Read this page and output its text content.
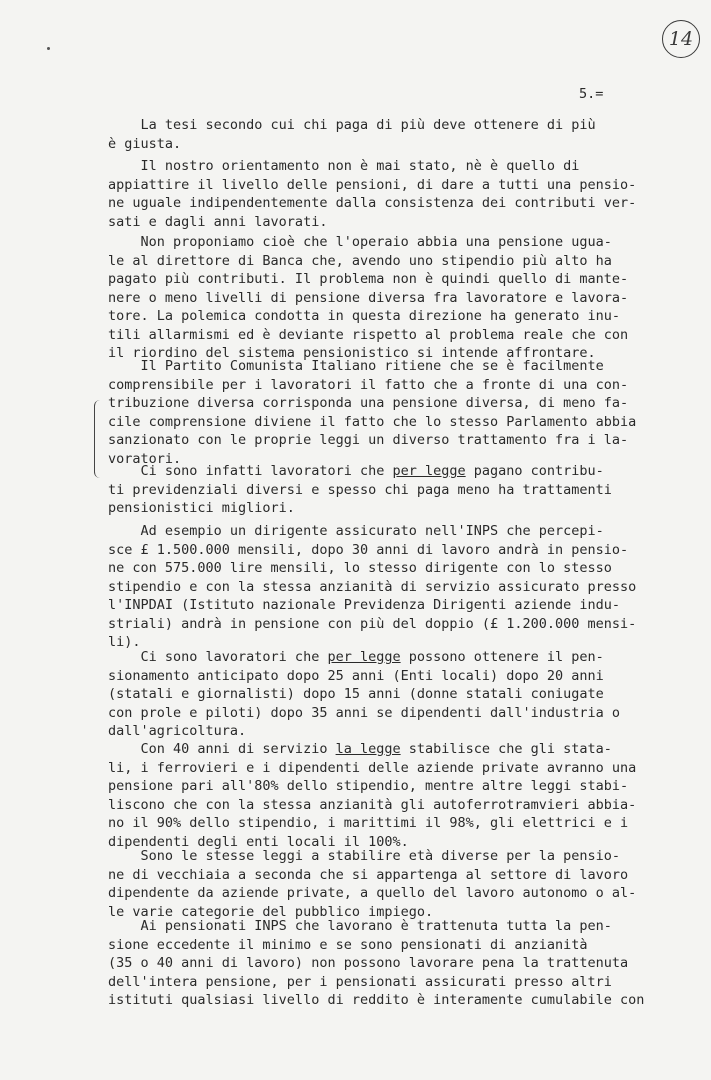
14
5.=

La tesi secondo cui chi paga di più deve ottenere di più
è giusta.

Il nostro orientamento non è mai stato, nè è quello di
appiattire il livello delle pensioni, di dare a tutti una pensio-
ne uguale indipendentemente dalla consistenza dei contributi ver-
sati e dagli anni lavorati.

Non proponiamo cioè che l'operaio abbia una pensione ugua-
le al direttore di Banca che, avendo uno stipendio più alto ha
pagato più contributi. Il problema non è quindi quello di mante-
nere o meno livelli di pensione diversa fra lavoratore e lavora-
tore. La polemica condotta in questa direzione ha generato inu-
tili allarmismi ed è deviante rispetto al problema reale che con
il riordino del sistema pensionistico si intende affrontare.

Il Partito Comunista Italiano ritiene che se è facilmente
comprensibile per i lavoratori il fatto che a fronte di una con-
tribuzione diversa corrisponda una pensione diversa, di meno fa-
cile comprensione diviene il fatto che lo stesso Parlamento abbia
sanzionato con le proprie leggi un diverso trattamento fra i la-
voratori.

Ci sono infatti lavoratori che per legge pagano contribu-
ti previdenziali diversi e spesso chi paga meno ha trattamenti
pensionistici migliori.

Ad esempio un dirigente assicurato nell'INPS che percepi-
sce £ 1.500.000 mensili, dopo 30 anni di lavoro andrà in pensio-
ne con 575.000 lire mensili, lo stesso dirigente con lo stesso
stipendio e con la stessa anzianità di servizio assicurato presso
l'INPDAI (Istituto nazionale Previdenza Dirigenti aziende indu-
striali) andrà in pensione con più del doppio (£ 1.200.000 mensi-
li).

Ci sono lavoratori che per legge possono ottenere il pen-
sionamento anticipato dopo 25 anni (Enti locali) dopo 20 anni
(statali e giornalisti) dopo 15 anni (donne statali coniugate
con prole e piloti) dopo 35 anni se dipendenti dall'industria o
dall'agricoltura.

Con 40 anni di servizio la legge stabilisce che gli stata-
li, i ferrovieri e i dipendenti delle aziende private avranno una
pensione pari all'80% dello stipendio, mentre altre leggi stabi-
liscono che con la stessa anzianità gli autoferrotramvieri abbia-
no il 90% dello stipendio, i marittimi il 98%, gli elettrici e i
dipendenti degli enti locali il 100%.

Sono le stesse leggi a stabilire età diverse per la pensio-
ne di vecchiaia a seconda che si appartenga al settore di lavoro
dipendente da aziende private, a quello del lavoro autonomo o al-
le varie categorie del pubblico impiego.

Ai pensionati INPS che lavorano è trattenuta tutta la pen-
sione eccedente il minimo e se sono pensionati di anzianità
(35 o 40 anni di lavoro) non possono lavorare pena la trattenuta
dell'intera pensione, per i pensionati assicurati presso altri
istituti qualsiasi livello di reddito è interamente cumulabile con
